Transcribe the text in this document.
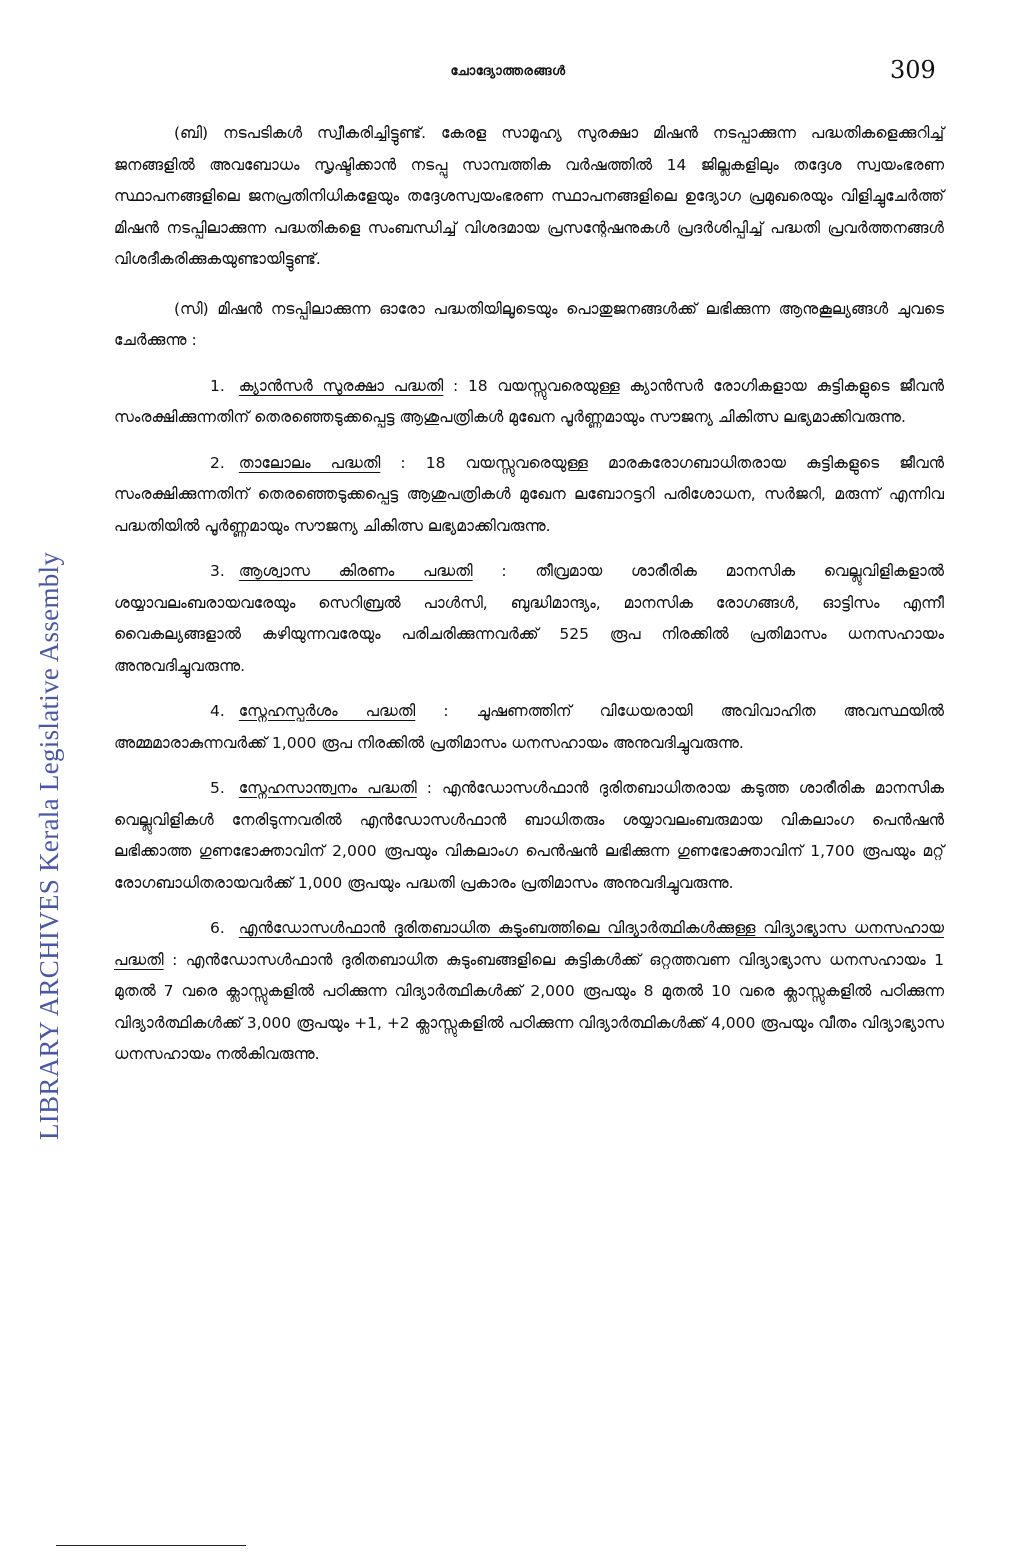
ചോദ്യോത്തരങ്ങൾ	309
LIBRARY ARCHIVES Kerala Legislative Assembly

(ബി) നടപടികൾ സ്വീകരിച്ചിട്ടുണ്ട്. കേരള സാമൂഹ്യ സുരക്ഷാ മിഷൻ നടപ്പാക്കുന്ന പദ്ധതികളെക്കുറിച്ച് ജനങ്ങളിൽ അവബോധം സൃഷ്ടിക്കാൻ നടപ്പു സാമ്പത്തിക വർഷത്തിൽ 14 ജില്ലകളിലും തദ്ദേശ സ്വയംഭരണ സ്ഥാപനങ്ങളിലെ ജനപ്രതിനിധികളേയും തദ്ദേശസ്വയംഭരണ സ്ഥാപനങ്ങളിലെ ഉദ്യോഗ പ്രമുഖരെയും വിളിച്ചുചേർത്ത് മിഷൻ നടപ്പിലാക്കുന്ന പദ്ധതികളെ സംബന്ധിച്ച് വിശദമായ പ്രസന്റേഷനുകൾ പ്രദർശിപ്പിച്ച് പദ്ധതി പ്രവർത്തനങ്ങൾ വിശദീകരിക്കുകയുണ്ടായിട്ടുണ്ട്.

(സി) മിഷൻ നടപ്പിലാക്കുന്ന ഓരോ പദ്ധതിയിലൂടെയും പൊതുജനങ്ങൾക്ക് ലഭിക്കുന്ന ആനുകൂല്യങ്ങൾ ചുവടെ ചേർക്കുന്നു :

1. ക്യാൻസർ സുരക്ഷാ പദ്ധതി : 18 വയസ്സുവരെയുള്ള ക്യാൻസർ രോഗികളായ കുട്ടികളുടെ ജീവൻ സംരക്ഷിക്കുന്നതിന് തെരഞ്ഞെടുക്കപ്പെട്ട ആശുപത്രികൾ മുഖേന പൂർണ്ണമായും സൗജന്യ ചികിത്സ ലഭ്യമാക്കിവരുന്നു.

2. താലോലം പദ്ധതി : 18 വയസ്സുവരെയുള്ള മാരകരോഗബാധിതരായ കുട്ടികളുടെ ജീവൻ സംരക്ഷിക്കുന്നതിന് തെരഞ്ഞെടുക്കപ്പെട്ട ആശുപത്രികൾ മുഖേന ലബോറട്ടറി പരിശോധന, സർജറി, മരുന്ന് എന്നിവ പദ്ധതിയിൽ പൂർണ്ണമായും സൗജന്യ ചികിത്സ ലഭ്യമാക്കിവരുന്നു.

3. ആശ്വാസ കിരണം പദ്ധതി : തീവ്രമായ ശാരീരിക മാനസിക വെല്ലുവിളികളാൽ ശയ്യാവലംബരായവരേയും സെറിബ്രൽ പാൾസി, ബുദ്ധിമാന്ദ്യം, മാനസിക രോഗങ്ങൾ, ഓട്ടിസം എന്നീ വൈകല്യങ്ങളാൽ കഴിയുന്നവരേയും പരിചരിക്കുന്നവർക്ക് 525 രൂപ നിരക്കിൽ പ്രതിമാസം ധനസഹായം അനുവദിച്ചുവരുന്നു.

4. സ്നേഹസ്പർശം പദ്ധതി : ചൂഷണത്തിന് വിധേയരായി അവിവാഹിത അവസ്ഥയിൽ അമ്മമാരാകുന്നവർക്ക് 1,000 രൂപ നിരക്കിൽ പ്രതിമാസം ധനസഹായം അനുവദിച്ചുവരുന്നു.

5. സ്നേഹസാന്ത്വനം പദ്ധതി : എൻഡോസൾഫാൻ ദുരിതബാധിതരായ കടുത്ത ശാരീരിക മാനസിക വെല്ലുവിളികൾ നേരിടുന്നവരിൽ എൻഡോസൾഫാൻ ബാധിതരും ശയ്യാവലംബരുമായ വികലാംഗ പെൻഷൻ ലഭിക്കാത്ത ഗുണഭോക്താവിന് 2,000 രൂപയും വികലാംഗ പെൻഷൻ ലഭിക്കുന്ന ഗുണഭോക്താവിന് 1,700 രൂപയും മറ്റ് രോഗബാധിതരായവർക്ക് 1,000 രൂപയും പദ്ധതി പ്രകാരം പ്രതിമാസം അനുവദിച്ചുവരുന്നു.

6. എൻഡോസൾഫാൻ ദുരിതബാധിത കുടുംബത്തിലെ വിദ്യാർത്ഥികൾക്കുള്ള വിദ്യാഭ്യാസ ധനസഹായ പദ്ധതി : എൻഡോസൾഫാൻ ദുരിതബാധിത കുടുംബങ്ങളിലെ കുട്ടികൾക്ക് ഒറ്റത്തവണ വിദ്യാഭ്യാസ ധനസഹായം 1 മുതൽ 7 വരെ ക്ലാസ്സുകളിൽ പഠിക്കുന്ന വിദ്യാർത്ഥികൾക്ക് 2,000 രൂപയും 8 മുതൽ 10 വരെ ക്ലാസ്സുകളിൽ പഠിക്കുന്ന വിദ്യാർത്ഥികൾക്ക് 3,000 രൂപയും +1, +2 ക്ലാസ്സുകളിൽ പഠിക്കുന്ന വിദ്യാർത്ഥികൾക്ക് 4,000 രൂപയും വീതം വിദ്യാഭ്യാസ ധനസഹായം നൽകിവരുന്നു.
